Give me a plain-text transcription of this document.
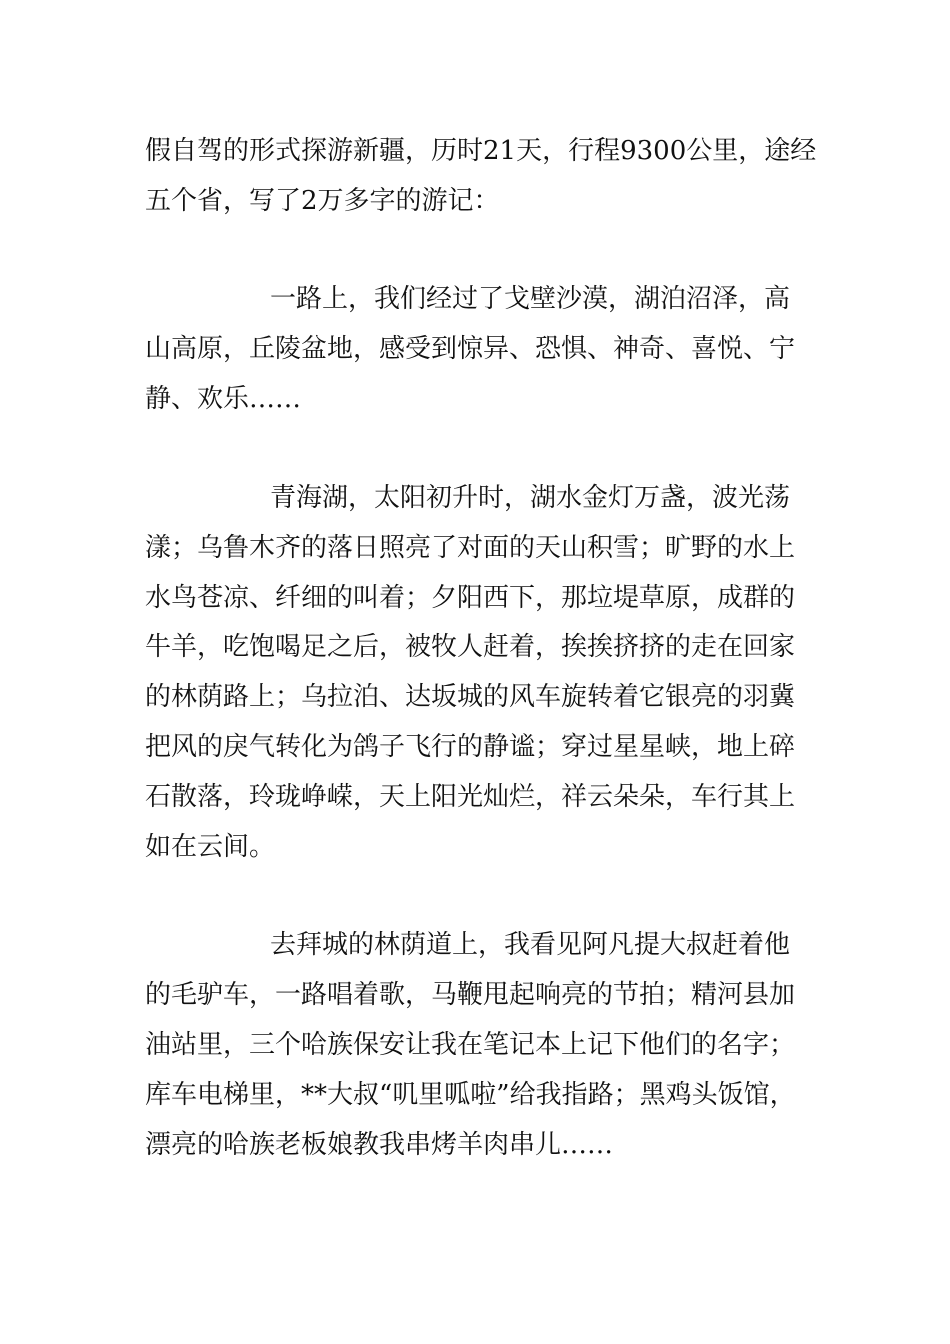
假自驾的形式探游新疆，历时21天，行程9300公里，途经
五个省，写了2万多字的游记：
一路上，我们经过了戈壁沙漠，湖泊沼泽，高
山高原，丘陵盆地，感受到惊异、恐惧、神奇、喜悦、宁
静、欢乐……
青海湖，太阳初升时，湖水金灯万盏，波光荡
漾；乌鲁木齐的落日照亮了对面的天山积雪；旷野的水上
水鸟苍凉、纤细的叫着；夕阳西下，那垃堤草原，成群的
牛羊，吃饱喝足之后，被牧人赶着，挨挨挤挤的走在回家
的林荫路上；乌拉泊、达坂城的风车旋转着它银亮的羽冀
把风的戾气转化为鸽子飞行的静谧；穿过星星峡，地上碎
石散落，玲珑峥嵘，天上阳光灿烂，祥云朵朵，车行其上
如在云间。
去拜城的林荫道上，我看见阿凡提大叔赶着他
的毛驴车，一路唱着歌，马鞭甩起响亮的节拍；精河县加
油站里，三个哈族保安让我在笔记本上记下他们的名字；
库车电梯里，**大叔“叽里呱啦”给我指路；黑鸡头饭馆，
漂亮的哈族老板娘教我串烤羊肉串儿……
